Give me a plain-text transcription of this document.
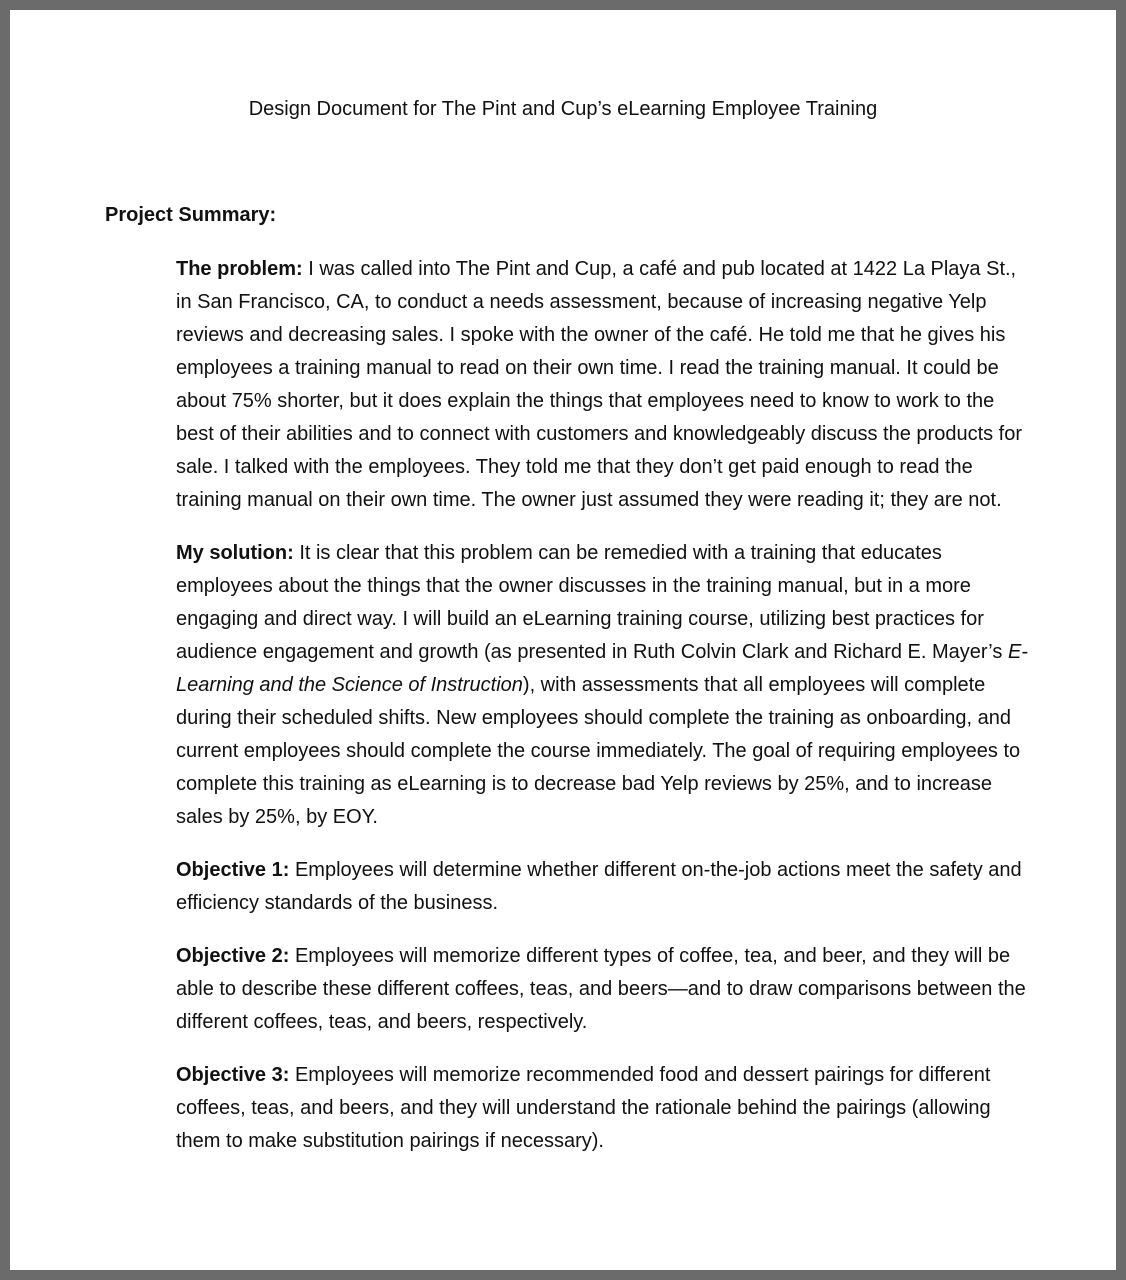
Design Document for The Pint and Cup’s eLearning Employee Training
Project Summary:

The problem: I was called into The Pint and Cup, a café and pub located at 1422 La Playa St., in San Francisco, CA, to conduct a needs assessment, because of increasing negative Yelp reviews and decreasing sales. I spoke with the owner of the café. He told me that he gives his employees a training manual to read on their own time. I read the training manual. It could be about 75% shorter, but it does explain the things that employees need to know to work to the best of their abilities and to connect with customers and knowledgeably discuss the products for sale. I talked with the employees. They told me that they don’t get paid enough to read the training manual on their own time. The owner just assumed they were reading it; they are not.

My solution: It is clear that this problem can be remedied with a training that educates employees about the things that the owner discusses in the training manual, but in a more engaging and direct way. I will build an eLearning training course, utilizing best practices for audience engagement and growth (as presented in Ruth Colvin Clark and Richard E. Mayer’s E-Learning and the Science of Instruction), with assessments that all employees will complete during their scheduled shifts. New employees should complete the training as onboarding, and current employees should complete the course immediately. The goal of requiring employees to complete this training as eLearning is to decrease bad Yelp reviews by 25%, and to increase sales by 25%, by EOY.

Objective 1: Employees will determine whether different on-the-job actions meet the safety and efficiency standards of the business.

Objective 2: Employees will memorize different types of coffee, tea, and beer, and they will be able to describe these different coffees, teas, and beers—and to draw comparisons between the different coffees, teas, and beers, respectively.

Objective 3: Employees will memorize recommended food and dessert pairings for different coffees, teas, and beers, and they will understand the rationale behind the pairings (allowing them to make substitution pairings if necessary).
